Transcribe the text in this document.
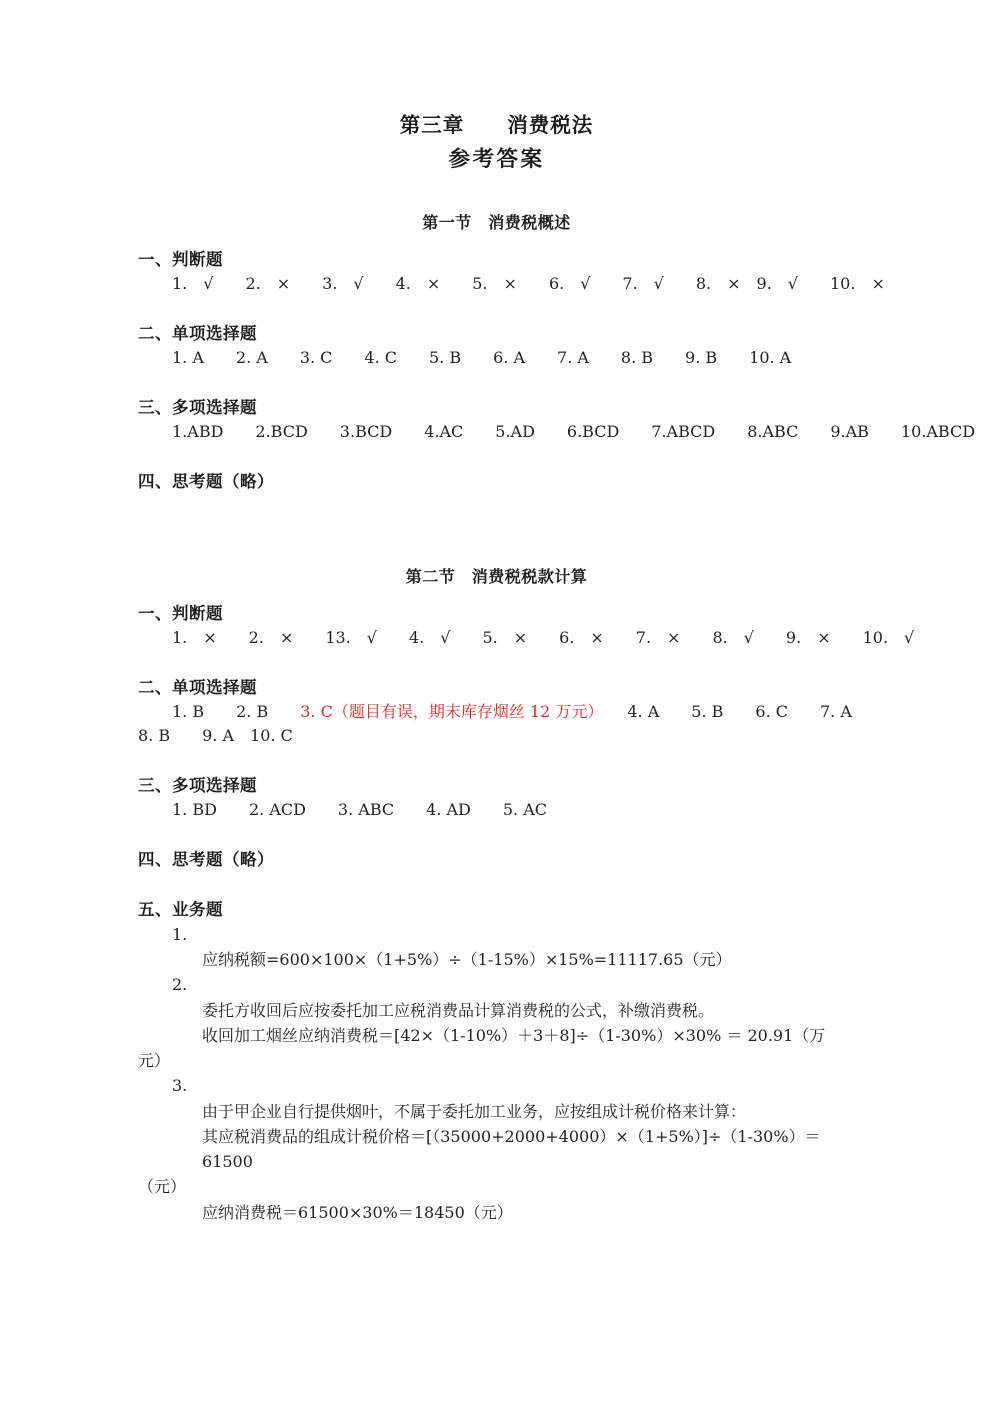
第三章　　消费税法
参考答案
第一节　消费税概述
一、判断题
1.　√　　2.　×　　3.　√　　4.　×　　5.　×　　6.　√　　7.　√　　8.　×　9.　√　　10.　×
二、单项选择题
1. A　　2. A　　3. C　　4. C　　5. B　　6. A　　7. A　　8. B　　9. B　　10. A
三、多项选择题
1.ABD　　2.BCD　　3.BCD　　4.AC　　5.AD　　6.BCD　　7.ABCD　　8.ABC　　9.AB　　10.ABCD
四、思考题（略）
第二节　消费税税款计算
一、判断题
1.　×　　2.　×　　13.　√　　4.　√　　5.　×　　6.　×　　7.　×　　8.　√　　9.　×　　10.　√
二、单项选择题
1. B　　2. B　　3. C（题目有误，期末库存烟丝 12 万元）　　4. A　　5. B　　6. C　　7. A
8. B　　9. A　10. C
三、多项选择题
1. BD　　2. ACD　　3. ABC　　4. AD　　5. AC
四、思考题（略）
五、业务题
1.
应纳税额=600×100×（1+5%）÷（1-15%）×15%=11117.65（元）
2.
委托方收回后应按委托加工应税消费品计算消费税的公式，补缴消费税。
收回加工烟丝应纳消费税＝[42×（1-10%）＋3＋8]÷（1-30%）×30% ＝ 20.91（万
元）
3.
由于甲企业自行提供烟叶，不属于委托加工业务，应按组成计税价格来计算：
其应税消费品的组成计税价格＝[（35000+2000+4000）×（1+5%）]÷（1-30%）＝61500
（元）
应纳消费税＝61500×30%＝18450（元）
